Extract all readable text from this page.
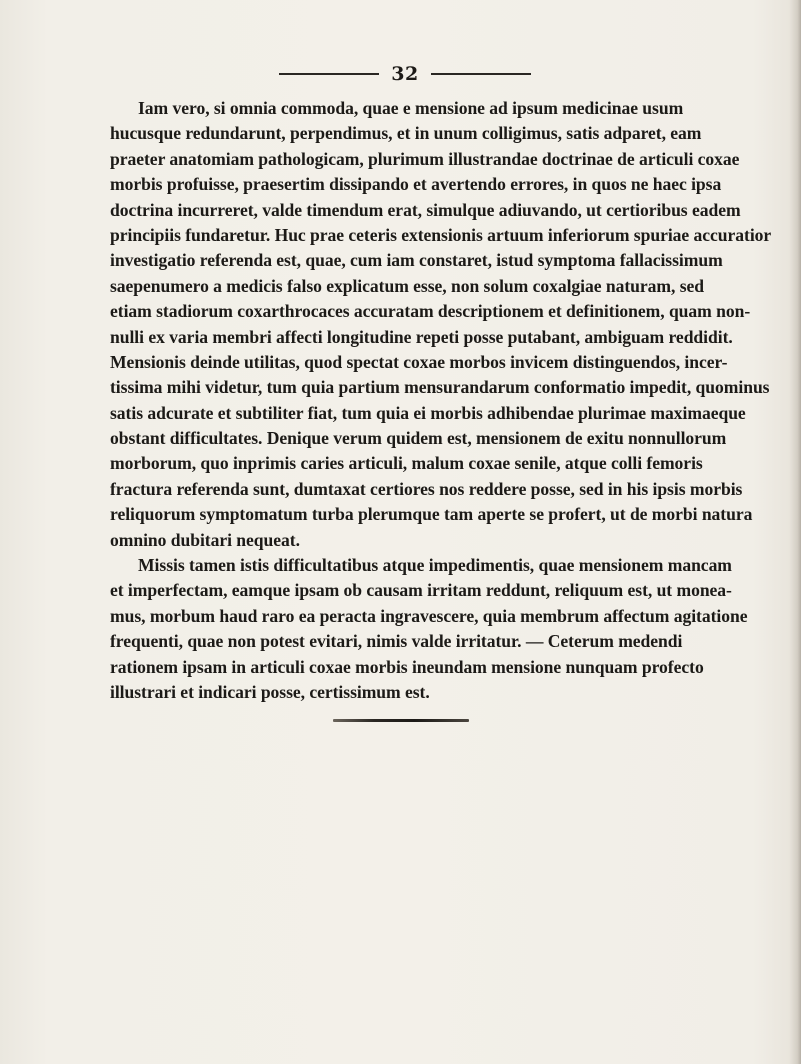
32
Iam vero, si omnia commoda, quae e mensione ad ipsum medicinae usum
hucusque redundarunt, perpendimus, et in unum colligimus, satis adparet, eam
praeter anatomiam pathologicam, plurimum illustrandae doctrinae de articuli coxae
morbis profuisse, praesertim dissipando et avertendo errores, in quos ne haec ipsa
doctrina incurreret, valde timendum erat, simulque adiuvando, ut certioribus eadem
principiis fundaretur. Huc prae ceteris extensionis artuum inferiorum spuriae accuratior
investigatio referenda est, quae, cum iam constaret, istud symptoma fallacissimum
saepenumero a medicis falso explicatum esse, non solum coxalgiae naturam, sed
etiam stadiorum coxarthrocaces accuratam descriptionem et definitionem, quam non-
nulli ex varia membri affecti longitudine repeti posse putabant, ambiguam reddidit.
Mensionis deinde utilitas, quod spectat coxae morbos invicem distinguendos, incer-
tissima mihi videtur, tum quia partium mensurandarum conformatio impedit, quominus
satis adcurate et subtiliter fiat, tum quia ei morbis adhibendae plurimae maximaeque
obstant difficultates. Denique verum quidem est, mensionem de exitu nonnullorum
morborum, quo inprimis caries articuli, malum coxae senile, atque colli femoris
fractura referenda sunt, dumtaxat certiores nos reddere posse, sed in his ipsis morbis
reliquorum symptomatum turba plerumque tam aperte se profert, ut de morbi natura
omnino dubitari nequeat.
Missis tamen istis difficultatibus atque impedimentis, quae mensionem mancam
et imperfectam, eamque ipsam ob causam irritam reddunt, reliquum est, ut monea-
mus, morbum haud raro ea peracta ingravescere, quia membrum affectum agitatione
frequenti, quae non potest evitari, nimis valde irritatur. — Ceterum medendi
rationem ipsam in articuli coxae morbis ineundam mensione nunquam profecto
illustrari et indicari posse, certissimum est.
